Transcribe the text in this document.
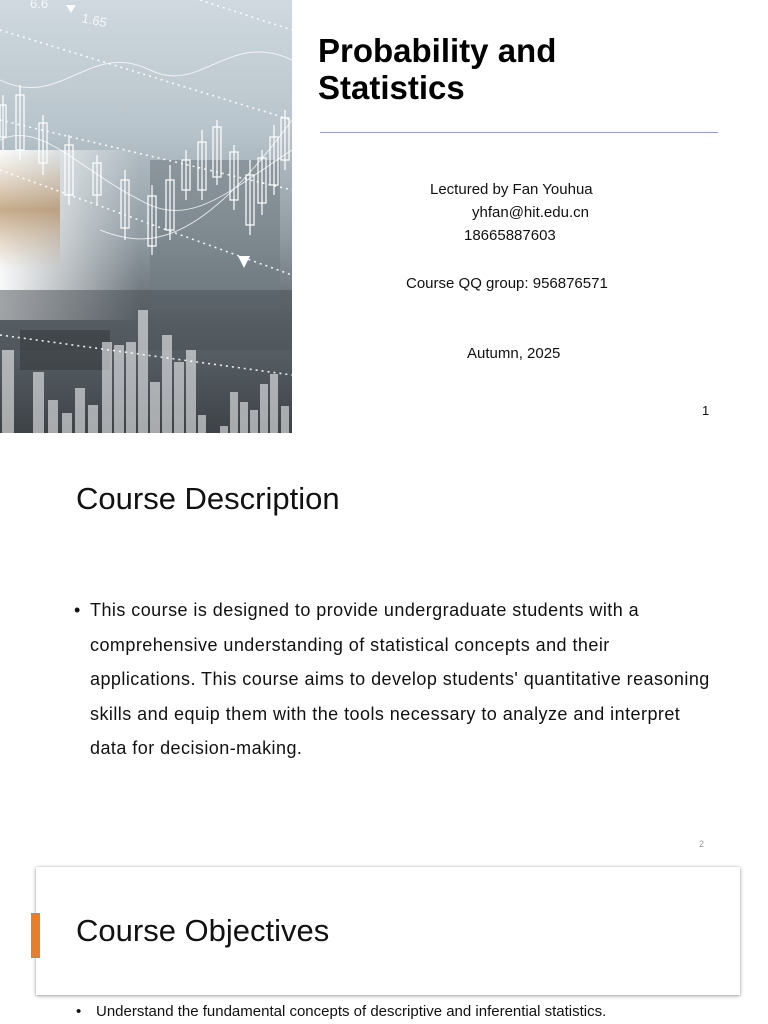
6.6
1.65
Probability and
Statistics
Lectured by Fan Youhua
yhfan@hit.edu.cn
18665887603
Course QQ group: 956876571
Autumn, 2025
1
Course Description
• This course is designed to provide undergraduate students with a comprehensive understanding of statistical concepts and their applications. This course aims to develop students' quantitative reasoning skills and equip them with the tools necessary to analyze and interpret data for decision-making.
2
Course Objectives
• Understand the fundamental concepts of descriptive and inferential statistics.
